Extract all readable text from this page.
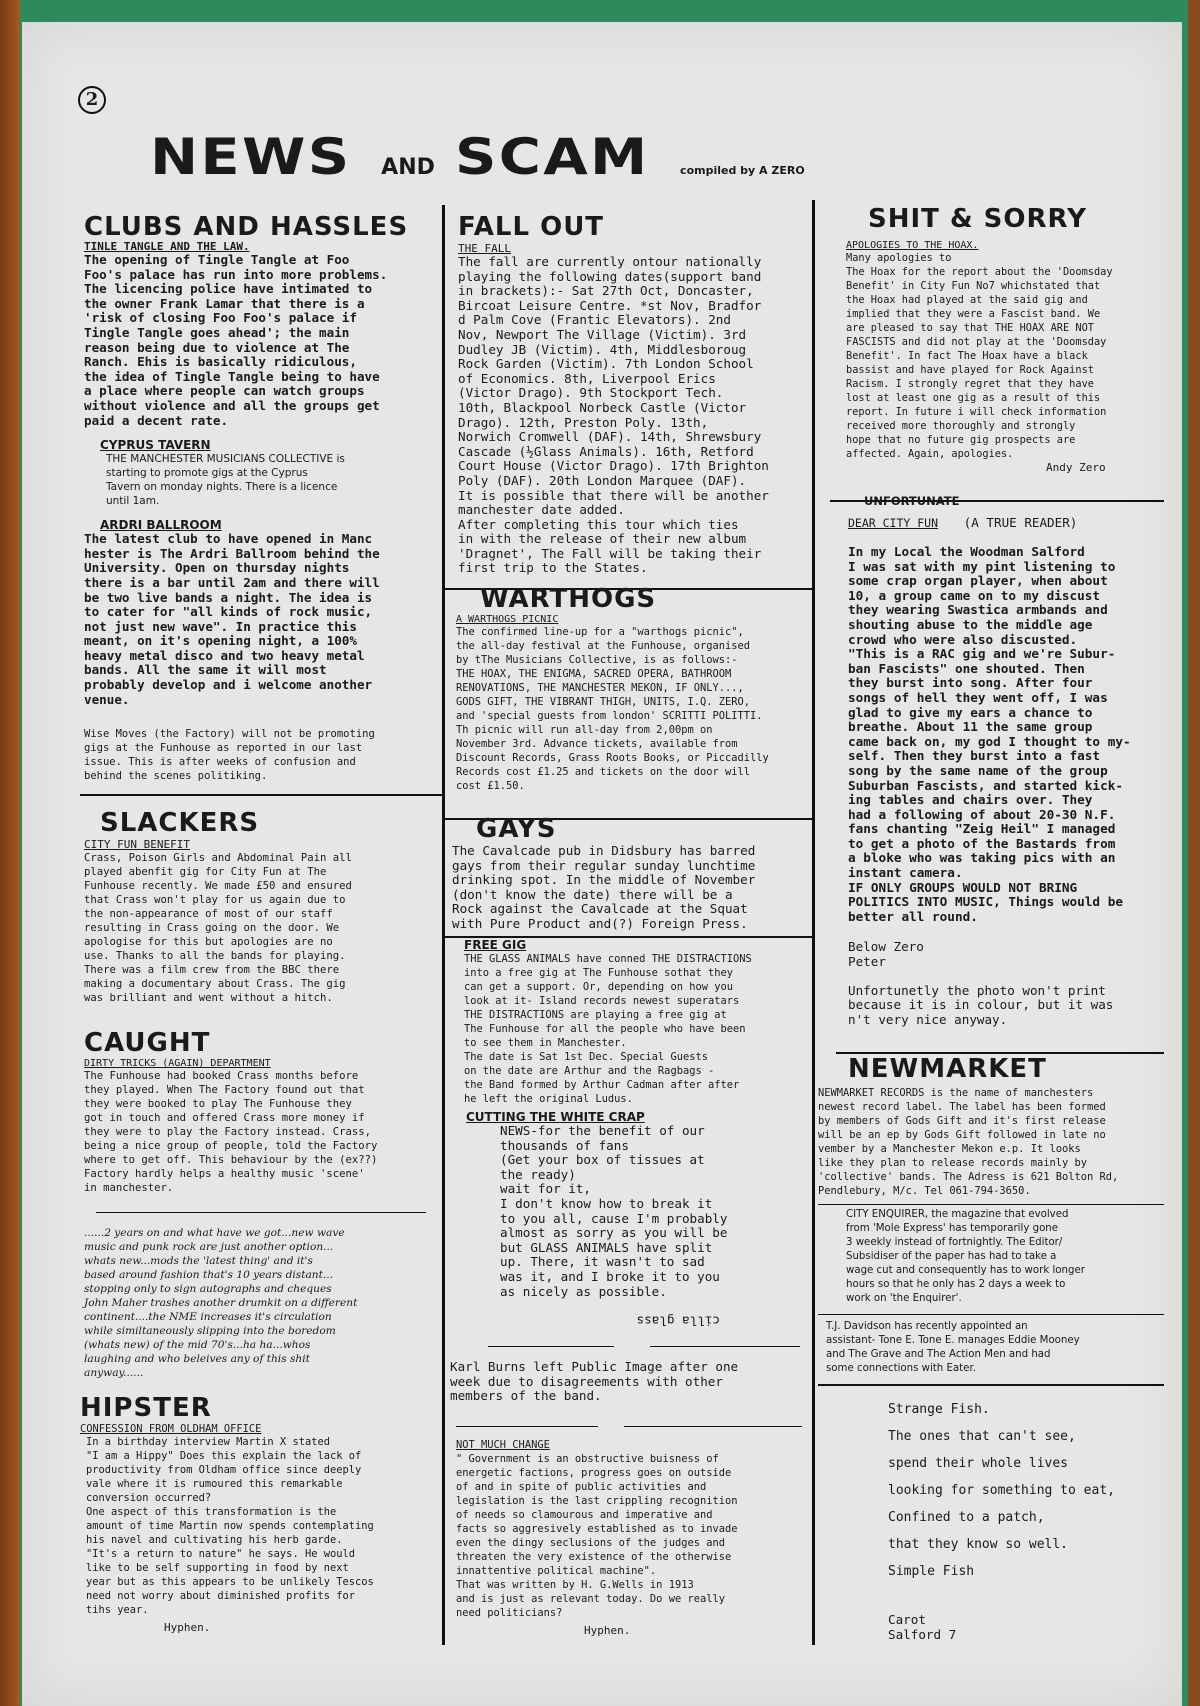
2
NEWS AND SCAM	compiled by A ZERO
CLUBS AND HASSLES
TINLE TANGLE AND THE LAW.
The opening of Tingle Tangle at Foo
Foo's palace has run into more problems.
The licencing police have intimated to
the owner Frank Lamar that there is a
'risk of closing Foo Foo's palace if
Tingle Tangle goes ahead'; the main
reason being due to violence at The
Ranch. Ehis is basically ridiculous,
the idea of Tingle Tangle being to have
a place where people can watch groups
without violence and all the groups get
paid a decent rate.
CYPRUS TAVERN
THE MANCHESTER MUSICIANS COLLECTIVE is
starting to promote gigs at the Cyprus
Tavern on monday nights. There is a licence
until 1am.
ARDRI BALLROOM
The latest club to have opened in Manc
hester is The Ardri Ballroom behind the
University. Open on thursday nights
there is a bar until 2am and there will
be two live bands a night. The idea is
to cater for "all kinds of rock music,
not just new wave". In practice this
meant, on it's opening night, a 100%
heavy metal disco and two heavy metal
bands. All the same it will most
probably develop and i welcome another
venue.
Wise Moves (the Factory) will not be promoting
gigs at the Funhouse as reported in our last
issue. This is after weeks of confusion and
behind the scenes politiking.
SLACKERS
CITY FUN BENEFIT
Crass, Poison Girls and Abdominal Pain all
played abenfit gig for City Fun at The
Funhouse recently. We made £50 and ensured
that Crass won't play for us again due to
the non-appearance of most of our staff
resulting in Crass going on the door. We
apologise for this but apologies are no
use. Thanks to all the bands for playing.
There was a film crew from the BBC there
making a documentary about Crass. The gig
was brilliant and went without a hitch.
CAUGHT
DIRTY TRICKS (AGAIN) DEPARTMENT
The Funhouse had booked Crass months before
they played. When The Factory found out that
they were booked to play The Funhouse they
got in touch and offered Crass more money if
they were to play the Factory instead. Crass,
being a nice group of people, told the Factory
where to get off. This behaviour by the (ex??)
Factory hardly helps a healthy music 'scene'
in manchester.
......2 years on and what have we got...new wave
music and punk rock are just another option...
whats new...mods the 'latest thing' and it's
based around fashion that's 10 years distant...
stopping only to sign autographs and cheques
John Maher trashes another drumkit on a different
continent....the NME increases it's circulation
while similtaneously slipping into the boredom
(whats new) of the mid 70's...ha ha...whos
laughing and who beleives any of this shit
anyway......
HIPSTER
CONFESSION FROM OLDHAM OFFICE
In a birthday interview Martin X stated
"I am a Hippy" Does this explain the lack of
productivity from Oldham office since deeply
vale where it is rumoured this remarkable
conversion occurred?
One aspect of this transformation is the
amount of time Martin now spends contemplating
his navel and cultivating his herb garde.
"It's a return to nature" he says. He would
like to be self supporting in food by next
year but as this appears to be unlikely Tescos
need not worry about diminished profits for
tihs year.
Hyphen.
FALL OUT
THE FALL
The fall are currently ontour nationally
playing the following dates(support band
in brackets):- Sat 27th Oct, Doncaster,
Bircoat Leisure Centre. *st Nov, Bradfor
d Palm Cove (Frantic Elevators). 2nd
Nov, Newport The Village (Victim). 3rd
Dudley JB (Victim). 4th, Middlesboroug
Rock Garden (Victim). 7th London School
of Economics. 8th, Liverpool Erics
(Victor Drago). 9th Stockport Tech.
10th, Blackpool Norbeck Castle (Victor
Drago). 12th, Preston Poly. 13th,
Norwich Cromwell (DAF). 14th, Shrewsbury
Cascade (½Glass Animals). 16th, Retford
Court House (Victor Drago). 17th Brighton
Poly (DAF). 20th London Marquee (DAF).
It is possible that there will be another
manchester date added.
After completing this tour which ties
in with the release of their new album
'Dragnet', The Fall will be taking their
first trip to the States.
WARTHOGS
A WARTHOGS PICNIC
The confirmed line-up for a "warthogs picnic",
the all-day festival at the Funhouse, organised
by tThe Musicians Collective, is as follows:-
THE HOAX, THE ENIGMA, SACRED OPERA, BATHROOM
RENOVATIONS, THE MANCHESTER MEKON, IF ONLY...,
GODS GIFT, THE VIBRANT THIGH, UNITS, I.Q. ZERO,
and 'special guests from london' SCRITTI POLITTI.
Th picnic will run all-day from 2,00pm on
November 3rd. Advance tickets, available from
Discount Records, Grass Roots Books, or Piccadilly
Records cost £1.25 and tickets on the door will
cost £1.50.
GAYS
The Cavalcade pub in Didsbury has barred
gays from their regular sunday lunchtime
drinking spot. In the middle of November
(don't know the date) there will be a
Rock against the Cavalcade at the Squat
with Pure Product and(?) Foreign Press.
FREE GIG
THE GLASS ANIMALS have conned THE DISTRACTIONS
into a free gig at The Funhouse sothat they
can get a support. Or, depending on how you
look at it- Island records newest superatars
THE DISTRACTIONS are playing a free gig at
The Funhouse for all the people who have been
to see them in Manchester.
The date is Sat 1st Dec. Special Guests
on the date are Arthur and the Ragbags -
the Band formed by Arthur Cadman after after
he left the original Ludus.
CUTTING THE WHITE CRAP
NEWS-for the benefit of our
thousands of fans
(Get your box of tissues at
the ready)
wait for it,
I don't know how to break it
to you all, cause I'm probably
almost as sorry as you will be
but GLASS ANIMALS have split
up. There, it wasn't to sad
was it, and I broke it to you
as nicely as possible.
cilla glass
Karl Burns left Public Image after one
week due to disagreements with other
members of the band.
NOT MUCH CHANGE
" Government is an obstructive buisness of
energetic factions, progress goes on outside
of and in spite of public activities and
legislation is the last crippling recognition
of needs so clamourous and imperative and
facts so aggresively established as to invade
even the dingy seclusions of the judges and
threaten the very existence of the otherwise
innattentive political machine".
That was written by H. G.Wells in 1913
and is just as relevant today. Do we really
need politicians?
Hyphen.
SHIT & SORRY
APOLOGIES TO THE HOAX.
Many apologies to
The Hoax for the report about the 'Doomsday
Benefit' in City Fun No7 whichstated that
the Hoax had played at the said gig and
implied that they were a Fascist band. We
are pleased to say that THE HOAX ARE NOT
FASCISTS and did not play at the 'Doomsday
Benefit'. In fact The Hoax have a black
bassist and have played for Rock Against
Racism. I strongly regret that they have
lost at least one gig as a result of this
report. In future i will check information
received more thoroughly and strongly
hope that no future gig prospects are
affected. Again, apologies.
Andy Zero
UNFORTUNATE
DEAR CITY FUN (A TRUE READER)
In my Local the Woodman Salford
I was sat with my pint listening to
some crap organ player, when about
10, a group came on to my discust
they wearing Swastica armbands and
shouting abuse to the middle age
crowd who were also discusted.
"This is a RAC gig and we're Subur-
ban Fascists" one shouted. Then
they burst into song. After four
songs of hell they went off, I was
glad to give my ears a chance to
breathe. About 11 the same group
came back on, my god I thought to my-
self. Then they burst into a fast
song by the same name of the group
Suburban Fascists, and started kick-
ing tables and chairs over. They
had a following of about 20-30 N.F.
fans chanting "Zeig Heil" I managed
to get a photo of the Bastards from
a bloke who was taking pics with an
instant camera.
IF ONLY GROUPS WOULD NOT BRING
POLITICS INTO MUSIC, Things would be
better all round.
Below Zero
Peter
Unfortunetly the photo won't print
because it is in colour, but it was
n't very nice anyway.
NEWMARKET
NEWMARKET RECORDS is the name of manchesters
newest record label. The label has been formed
by members of Gods Gift and it's first release
will be an ep by Gods Gift followed in late no
vember by a Manchester Mekon e.p. It looks
like they plan to release records mainly by
'collective' bands. The Adress is 621 Bolton Rd,
Pendlebury, M/c. Tel 061-794-3650.
CITY ENQUIRER, the magazine that evolved
from 'Mole Express' has temporarily gone
3 weekly instead of fortnightly. The Editor/
Subsidiser of the paper has had to take a
wage cut and consequently has to work longer
hours so that he only has 2 days a week to
work on 'the Enquirer'.
T.J. Davidson has recently appointed an
assistant- Tone E. Tone E. manages Eddie Mooney
and The Grave and The Action Men and had
some connections with Eater.
Strange Fish.
The ones that can't see,
spend their whole lives
looking for something to eat,
Confined to a patch,
that they know so well.
Simple Fish
Carot
Salford 7
